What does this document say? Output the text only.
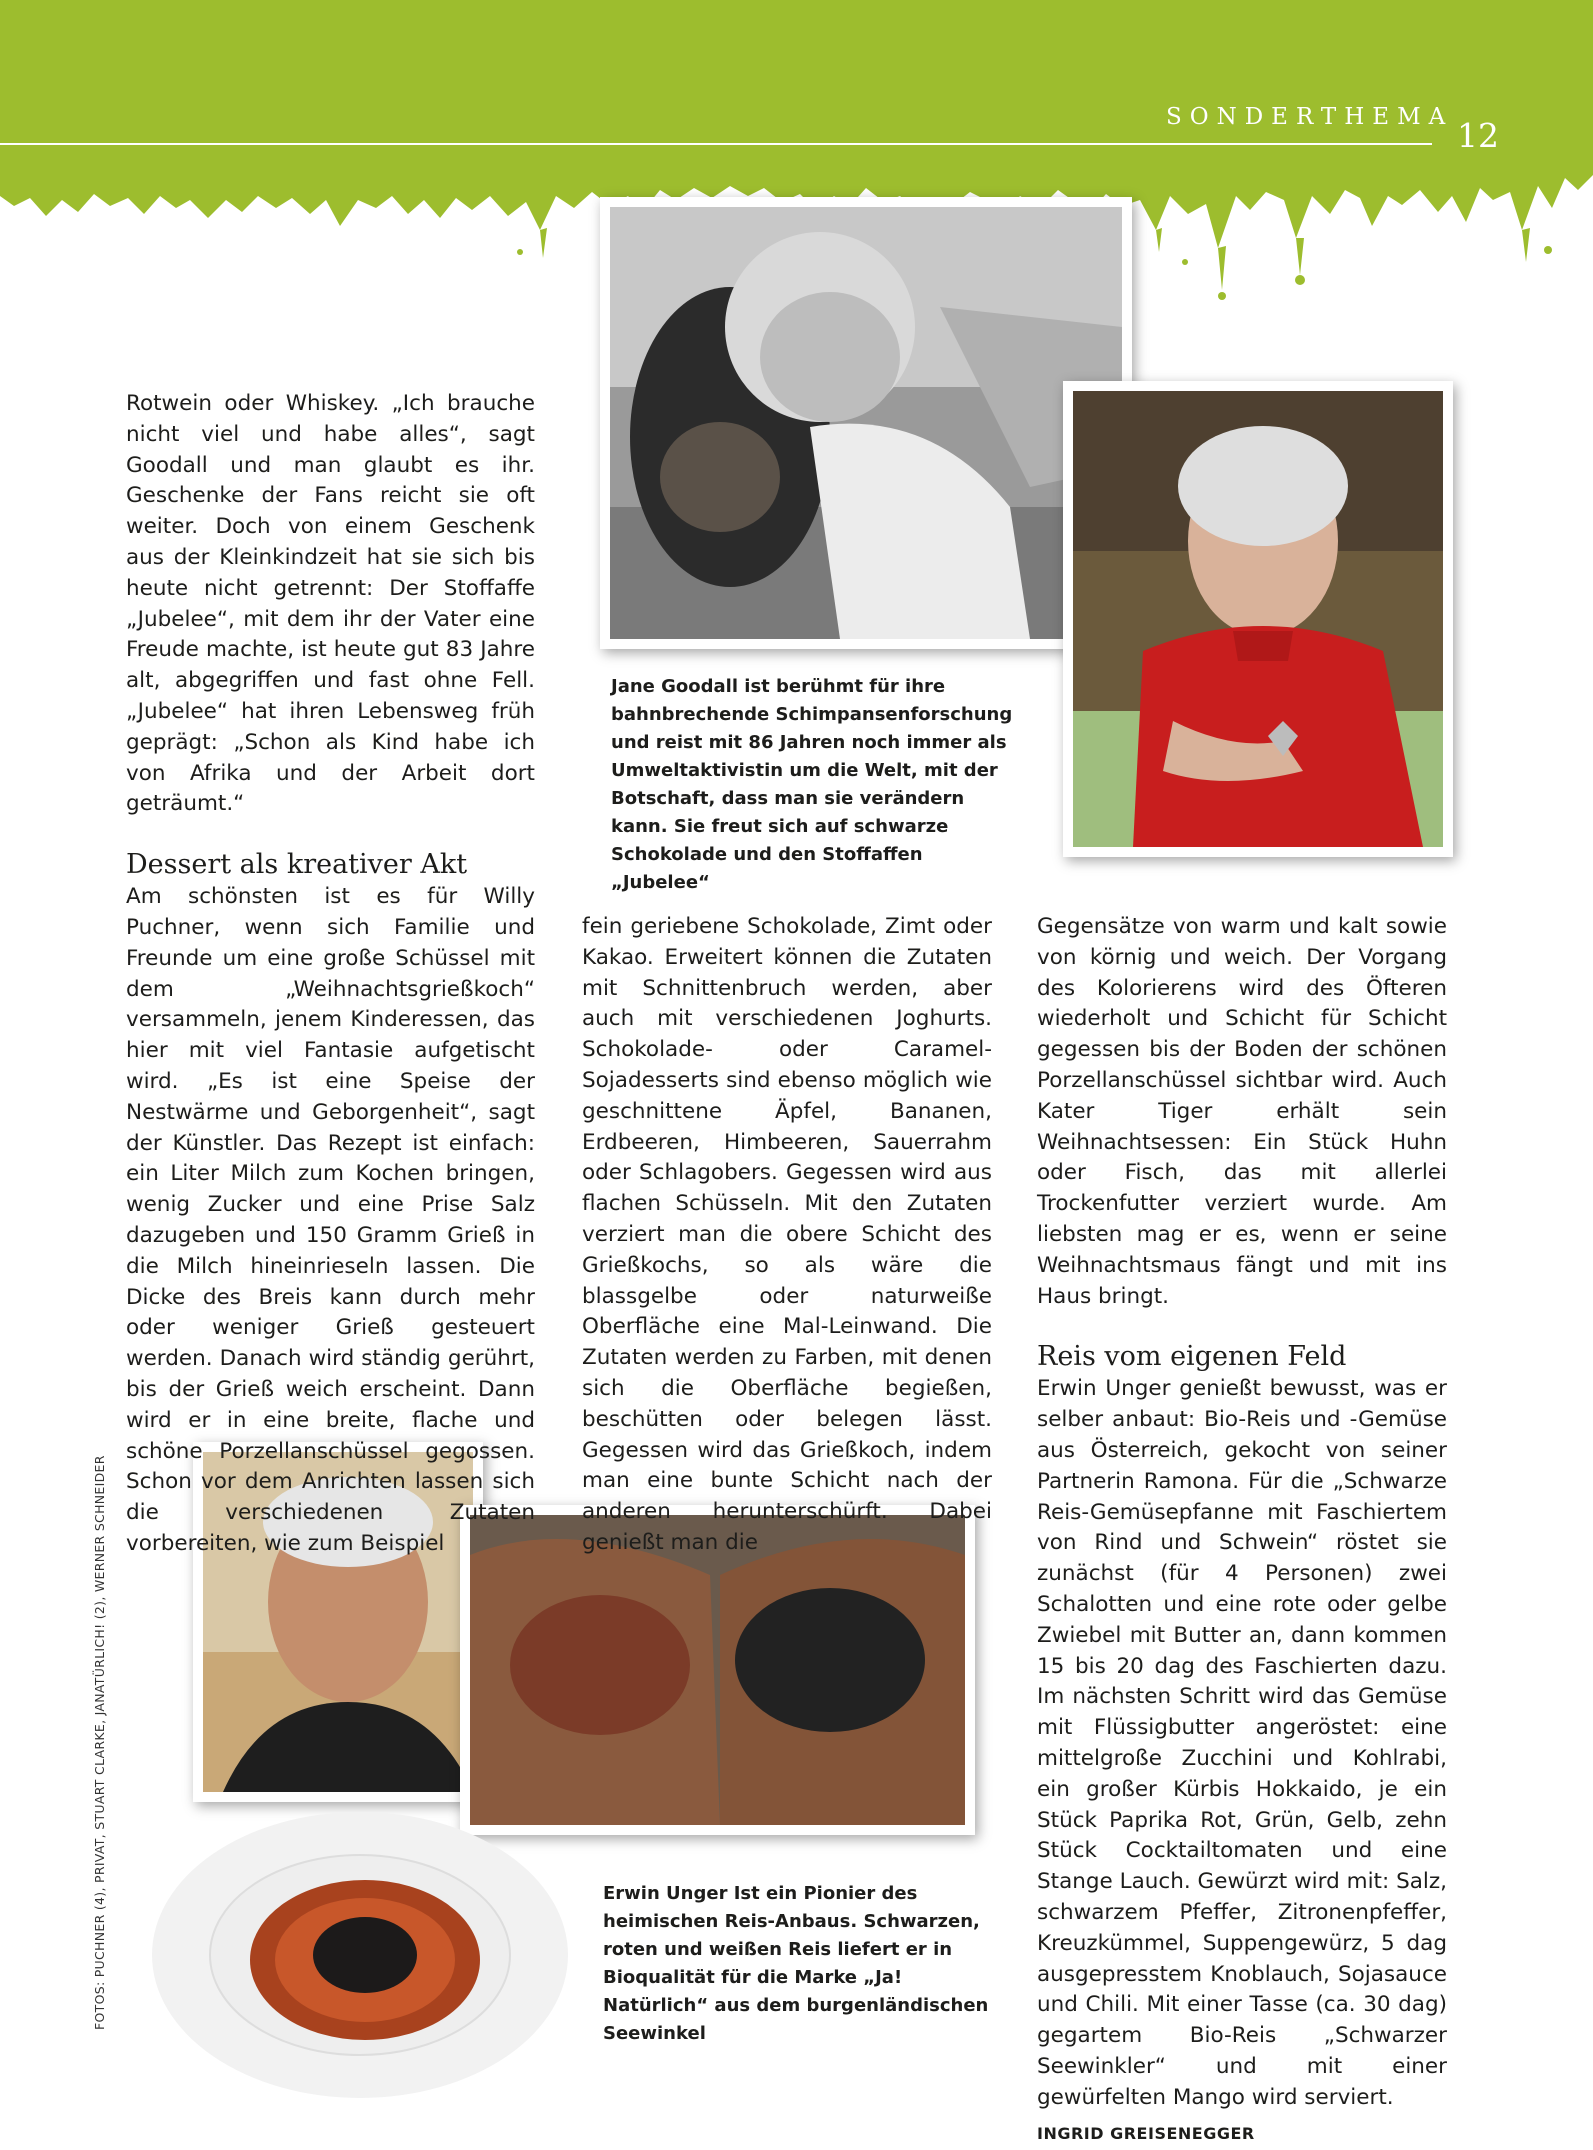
SONDERTHEMA 12
Jane Goodall ist berühmt für ihre bahnbrechende Schimpansenforschung und reist mit 86 Jahren noch immer als Umweltaktivistin um die Welt, mit der Botschaft, dass man sie verändern kann. Sie freut sich auf schwarze Schokolade und den Stoffaffen „Jubelee“
Erwin Unger Ist ein Pionier des heimischen Reis-Anbaus. Schwarzen, roten und weißen Reis liefert er in Bioqualität für die Marke „Ja! Natürlich“ aus dem burgenländischen Seewinkel

Rotwein oder Whiskey. „Ich brauche nicht viel und habe alles“, sagt Goodall und man glaubt es ihr. Geschenke der Fans reicht sie oft weiter. Doch von einem Geschenk aus der Kleinkindzeit hat sie sich bis heute nicht getrennt: Der Stoffaffe „Jubelee“, mit dem ihr der Vater eine Freude machte, ist heute gut 83 Jahre alt, abgegriffen und fast ohne Fell. „Jubelee“ hat ihren Lebensweg früh geprägt: „Schon als Kind habe ich von Afrika und der Arbeit dort geträumt.“

Dessert als kreativer Akt

Am schönsten ist es für Willy Puchner, wenn sich Familie und Freunde um eine große Schüssel mit dem „Weihnachtsgrießkoch“ versammeln, jenem Kinderessen, das hier mit viel Fantasie aufgetischt wird. „Es ist eine Speise der Nestwärme und Geborgenheit“, sagt der Künstler. Das Rezept ist einfach: ein Liter Milch zum Kochen bringen, wenig Zucker und eine Prise Salz dazugeben und 150 Gramm Grieß in die Milch hineinrieseln lassen. Die Dicke des Breis kann durch mehr oder weniger Grieß gesteuert werden. Danach wird ständig gerührt, bis der Grieß weich erscheint. Dann wird er in eine breite, flache und schöne Porzellanschüssel gegossen. Schon vor dem Anrichten lassen sich die verschiedenen Zutaten vorbereiten, wie zum Beispiel

fein geriebene Schokolade, Zimt oder Kakao. Erweitert können die Zutaten mit Schnittenbruch werden, aber auch mit verschiedenen Joghurts. Schokolade- oder Caramel-Sojadesserts sind ebenso möglich wie geschnittene Äpfel, Bananen, Erdbeeren, Himbeeren, Sauerrahm oder Schlagobers. Gegessen wird aus flachen Schüsseln. Mit den Zutaten verziert man die obere Schicht des Grießkochs, so als wäre die blassgelbe oder naturweiße Oberfläche eine Mal-Leinwand. Die Zutaten werden zu Farben, mit denen sich die Oberfläche begießen, beschütten oder belegen lässt. Gegessen wird das Grießkoch, indem man eine bunte Schicht nach der anderen herunterschürft. Dabei genießt man die

Gegensätze von warm und kalt sowie von körnig und weich. Der Vorgang des Kolorierens wird des Öfteren wiederholt und Schicht für Schicht gegessen bis der Boden der schönen Porzellanschüssel sichtbar wird. Auch Kater Tiger erhält sein Weihnachtsessen: Ein Stück Huhn oder Fisch, das mit allerlei Trockenfutter verziert wurde. Am liebsten mag er es, wenn er seine Weihnachtsmaus fängt und mit ins Haus bringt.

Reis vom eigenen Feld

Erwin Unger genießt bewusst, was er selber anbaut: Bio-Reis und -Gemüse aus Österreich, gekocht von seiner Partnerin Ramona. Für die „Schwarze Reis-Gemüsepfanne mit Faschiertem von Rind und Schwein“ röstet sie zunächst (für 4 Personen) zwei Schalotten und eine rote oder gelbe Zwiebel mit Butter an, dann kommen 15 bis 20 dag des Faschierten dazu. Im nächsten Schritt wird das Gemüse mit Flüssigbutter angeröstet: eine mittelgroße Zucchini und Kohlrabi, ein großer Kürbis Hokkaido, je ein Stück Paprika Rot, Grün, Gelb, zehn Stück Cocktailtomaten und eine Stange Lauch. Gewürzt wird mit: Salz, schwarzem Pfeffer, Zitronenpfeffer, Kreuzkümmel, Suppengewürz, 5 dag ausgepresstem Knoblauch, Sojasauce und Chili. Mit einer Tasse (ca. 30 dag) gegartem Bio-Reis „Schwarzer Seewinkler“ und mit einer gewürfelten Mango wird serviert.

INGRID GREISENEGGER
FOTOS: PUCHNER (4), PRIVAT, STUART CLARKE, JANATÜRLICH! (2), WERNER SCHNEIDER
